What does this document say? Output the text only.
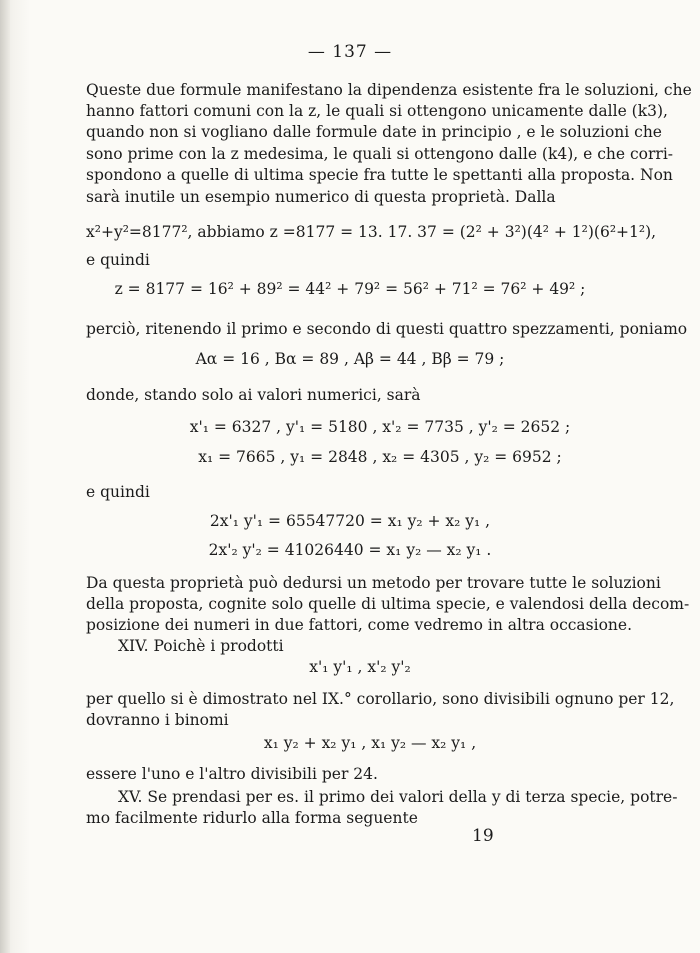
— 137 —
Queste due formule manifestano la dipendenza esistente fra le soluzioni, che
hanno fattori comuni con la z, le quali si ottengono unicamente dalle (k3),
quando non si vogliano dalle formule date in principio , e le soluzioni che
sono prime con la z medesima, le quali si ottengono dalle (k4), e che corri-
spondono a quelle di ultima specie fra tutte le spettanti alla proposta. Non
sarà inutile un esempio numerico di questa proprietà. Dalla
x²+y²=8177², abbiamo z =8177 = 13. 17. 37 = (2² + 3²)(4² + 1²)(6²+1²),
e quindi
z = 8177 = 16² + 89² = 44² + 79² = 56² + 71² = 76² + 49² ;
perciò, ritenendo il primo e secondo di questi quattro spezzamenti, poniamo
Aα = 16 , Bα = 89 , Aβ = 44 , Bβ = 79 ;
donde, stando solo ai valori numerici, sarà
x'₁ = 6327 , y'₁ = 5180 , x'₂ = 7735 , y'₂ = 2652 ;
x₁ = 7665 , y₁ = 2848 , x₂ = 4305 , y₂ = 6952 ;
e quindi
2x'₁ y'₁ = 65547720 = x₁ y₂ + x₂ y₁ ,
2x'₂ y'₂ = 41026440 = x₁ y₂ — x₂ y₁ .
Da questa proprietà può dedursi un metodo per trovare tutte le soluzioni
della proposta, cognite solo quelle di ultima specie, e valendosi della decom-
posizione dei numeri in due fattori, come vedremo in altra occasione.
XIV. Poichè i prodotti
x'₁ y'₁ , x'₂ y'₂
per quello si è dimostrato nel IX.° corollario, sono divisibili ognuno per 12,
dovranno i binomi
x₁ y₂ + x₂ y₁ , x₁ y₂ — x₂ y₁ ,
essere l'uno e l'altro divisibili per 24.
XV. Se prendasi per es. il primo dei valori della y di terza specie, potre-
mo facilmente ridurlo alla forma seguente
19
